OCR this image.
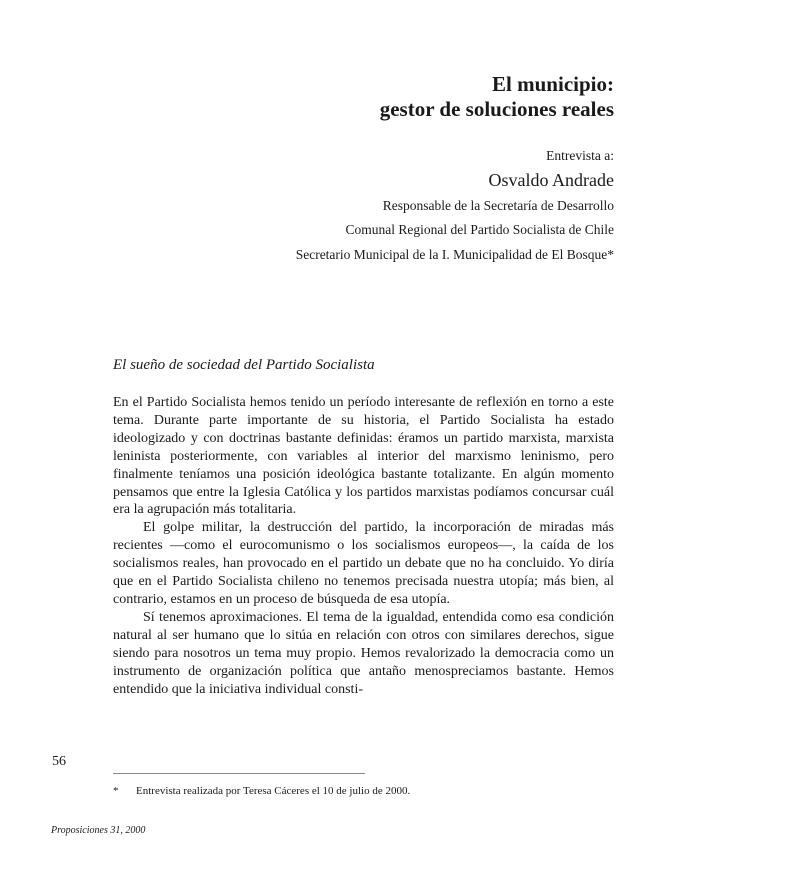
El municipio:
gestor de soluciones reales
Entrevista a:
Osvaldo Andrade
Responsable de la Secretaría de Desarrollo
Comunal Regional del Partido Socialista de Chile
Secretario Municipal de la I. Municipalidad de El Bosque*
El sueño de sociedad del Partido Socialista

En el Partido Socialista hemos tenido un período interesante de reflexión en torno a este tema. Durante parte importante de su historia, el Partido Socialista ha estado ideologizado y con doctrinas bastante definidas: éramos un partido marxista, marxista leninista posteriormente, con variables al interior del marxismo leninismo, pero finalmente teníamos una posición ideológica bastante totalizante. En algún momento pensamos que entre la Iglesia Católica y los partidos marxistas podíamos concursar cuál era la agrupación más totalitaria.

El golpe militar, la destrucción del partido, la incorporación de miradas más recientes —como el eurocomunismo o los socialismos europeos—, la caída de los socialismos reales, han provocado en el partido un debate que no ha concluido. Yo diría que en el Partido Socialista chileno no tenemos precisada nuestra utopía; más bien, al contrario, estamos en un proceso de búsqueda de esa utopía.

Sí tenemos aproximaciones. El tema de la igualdad, entendida como esa condición natural al ser humano que lo sitúa en relación con otros con similares derechos, sigue siendo para nosotros un tema muy propio. Hemos revalorizado la democracia como un instrumento de organización política que antaño menospreciamos bastante. Hemos entendido que la iniciativa individual consti-

56
* Entrevista realizada por Teresa Cáceres el 10 de julio de 2000.
Proposiciones 31, 2000
